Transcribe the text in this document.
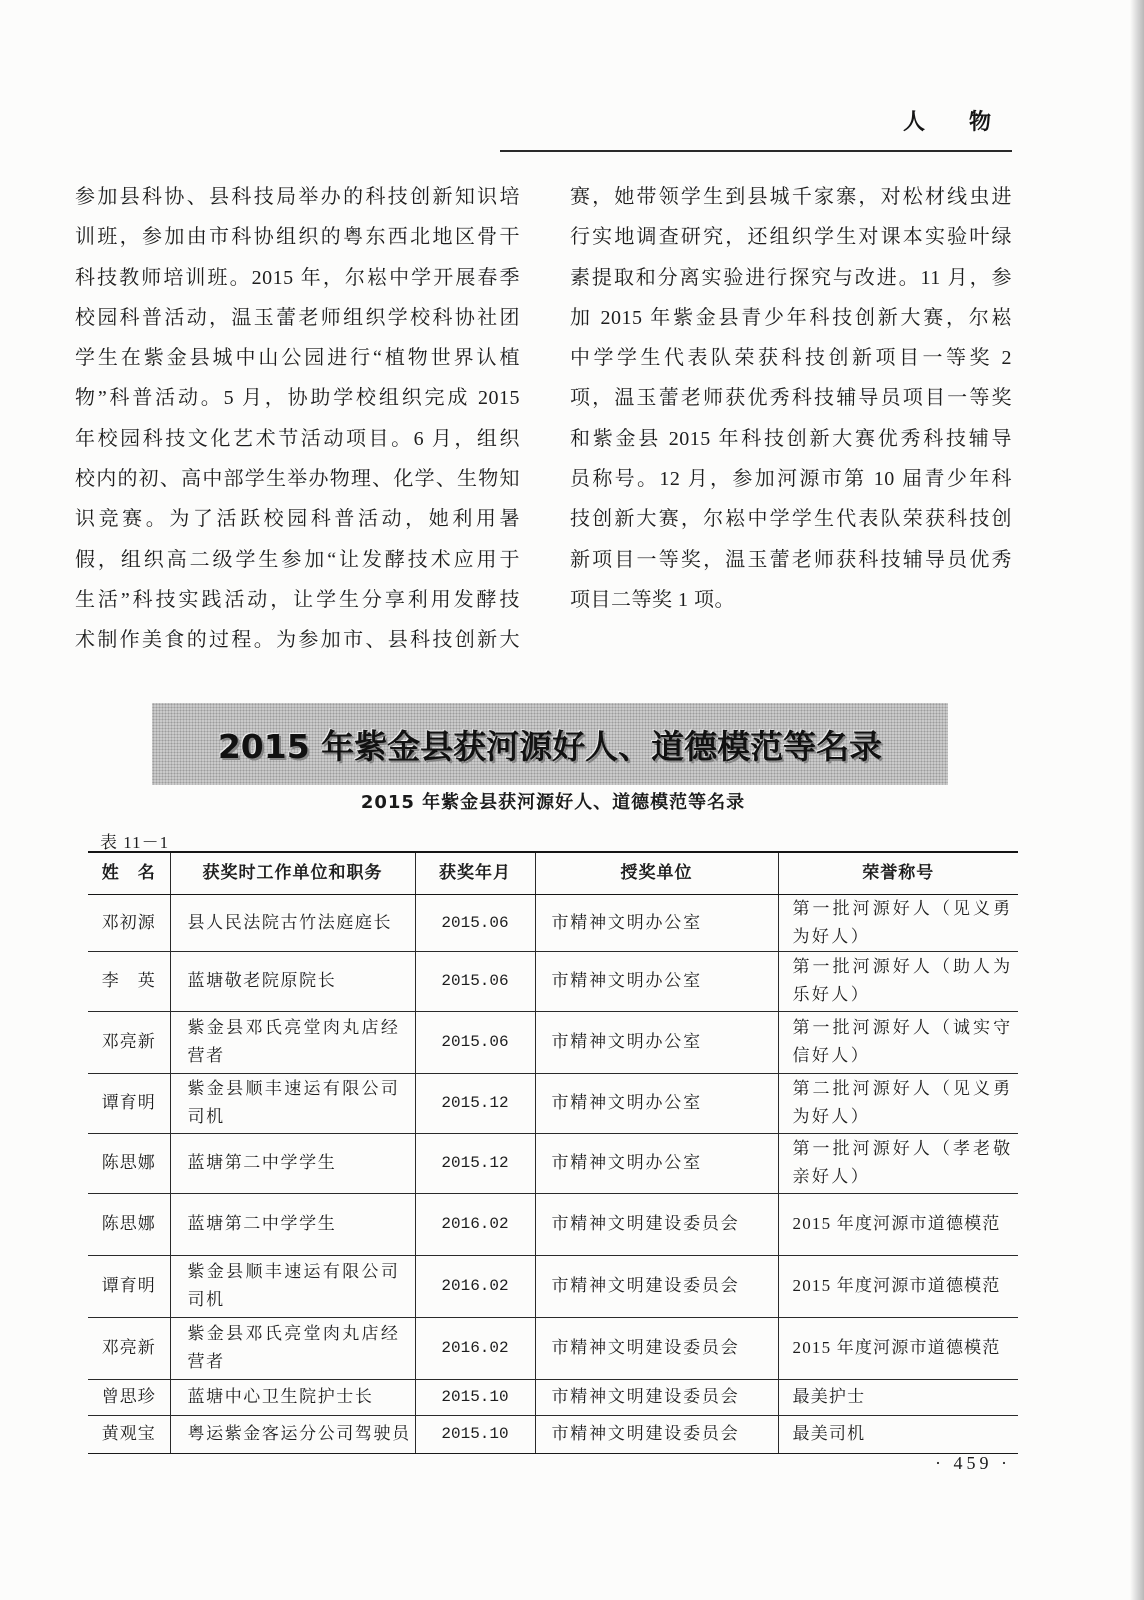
人　　物
参加县科协、县科技局举办的科技创新知识培
训班，参加由市科协组织的粤东西北地区骨干
科技教师培训班。2015 年，尔崧中学开展春季
校园科普活动，温玉蕾老师组织学校科协社团
学生在紫金县城中山公园进行“植物世界认植
物”科普活动。5 月，协助学校组织完成 2015
年校园科技文化艺术节活动项目。6 月，组织
校内的初、高中部学生举办物理、化学、生物知
识竞赛。为了活跃校园科普活动，她利用暑
假，组织高二级学生参加“让发酵技术应用于
生活”科技实践活动，让学生分享利用发酵技
术制作美食的过程。为参加市、县科技创新大
赛，她带领学生到县城千家寨，对松材线虫进
行实地调查研究，还组织学生对课本实验叶绿
素提取和分离实验进行探究与改进。11 月，参
加 2015 年紫金县青少年科技创新大赛，尔崧
中学学生代表队荣获科技创新项目一等奖 2
项，温玉蕾老师获优秀科技辅导员项目一等奖
和紫金县 2015 年科技创新大赛优秀科技辅导
员称号。12 月，参加河源市第 10 届青少年科
技创新大赛，尔崧中学学生代表队荣获科技创
新项目一等奖，温玉蕾老师获科技辅导员优秀
项目二等奖 1 项。
2015 年紫金县获河源好人、道德模范等名录
2015 年紫金县获河源好人、道德模范等名录
表 11－1
姓　名	获奖时工作单位和职务	获奖年月	授奖单位	荣誉称号
邓初源	县人民法院古竹法庭庭长	2015.06	市精神文明办公室	第一批河源好人（见义勇为好人）

李　英	蓝塘敬老院原院长	2015.06	市精神文明办公室	第一批河源好人（助人为乐好人）

邓亮新	紫金县邓氏亮堂肉丸店经营者	2015.06	市精神文明办公室	第一批河源好人（诚实守信好人）

谭育明	紫金县顺丰速运有限公司司机	2015.12	市精神文明办公室	第二批河源好人（见义勇为好人）

陈思娜	蓝塘第二中学学生	2015.12	市精神文明办公室	第一批河源好人（孝老敬亲好人）

陈思娜	蓝塘第二中学学生	2016.02	市精神文明建设委员会	2015 年度河源市道德模范

谭育明	紫金县顺丰速运有限公司司机	2016.02	市精神文明建设委员会	2015 年度河源市道德模范

邓亮新	紫金县邓氏亮堂肉丸店经营者	2016.02	市精神文明建设委员会	2015 年度河源市道德模范

曾思珍	蓝塘中心卫生院护士长	2015.10	市精神文明建设委员会	最美护士

黄观宝	粤运紫金客运分公司驾驶员	2015.10	市精神文明建设委员会	最美司机
· 459 ·
